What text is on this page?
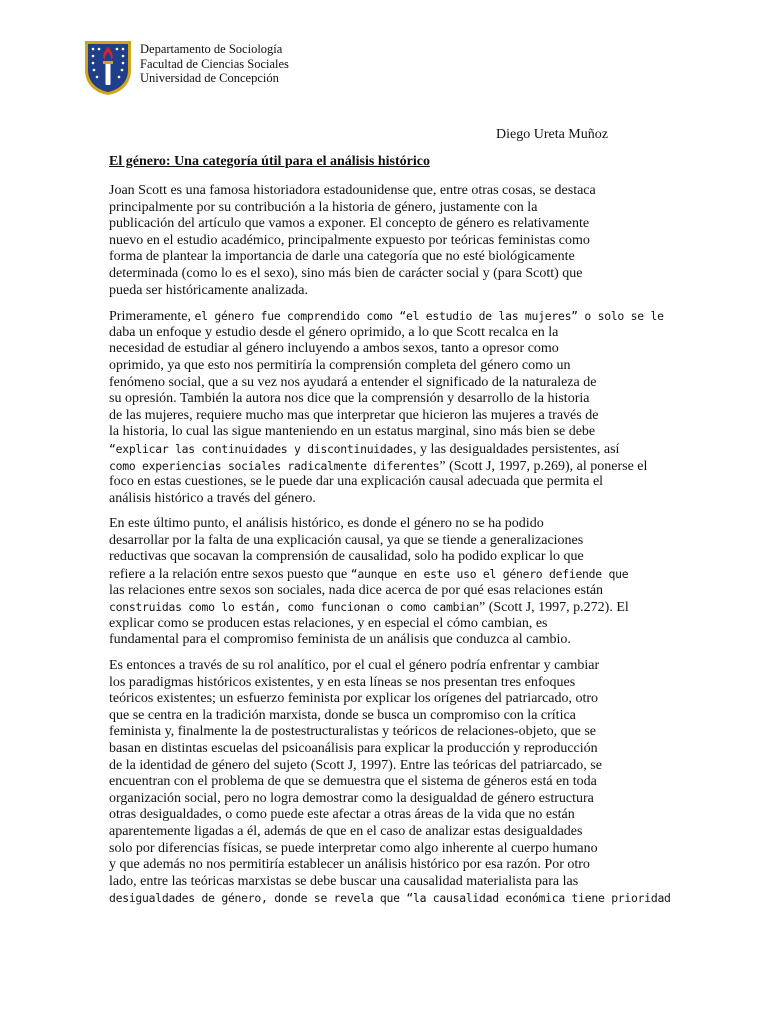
Departamento de Sociología
Facultad de Ciencias Sociales
Universidad de Concepción
Diego Ureta Muñoz
El género: Una categoría útil para el análisis histórico
Joan Scott es una famosa historiadora estadounidense que, entre otras cosas, se destaca
principalmente por su contribución a la historia de género, justamente con la
publicación del artículo que vamos a exponer. El concepto de género es relativamente
nuevo en el estudio académico, principalmente expuesto por teóricas feministas como
forma de plantear la importancia de darle una categoría que no esté biológicamente
determinada (como lo es el sexo), sino más bien de carácter social y (para Scott) que
pueda ser históricamente analizada.
Primeramente, el género fue comprendido como “el estudio de las mujeres” o solo se le
daba un enfoque y estudio desde el género oprimido, a lo que Scott recalca en la
necesidad de estudiar al género incluyendo a ambos sexos, tanto a opresor como
oprimido, ya que esto nos permitiría la comprensión completa del género como un
fenómeno social, que a su vez nos ayudará a entender el significado de la naturaleza de
su opresión. También la autora nos dice que la comprensión y desarrollo de la historia
de las mujeres, requiere mucho mas que interpretar que hicieron las mujeres a través de
la historia, lo cual las sigue manteniendo en un estatus marginal, sino más bien se debe
“explicar las continuidades y discontinuidades, y las desigualdades persistentes, así
como experiencias sociales radicalmente diferentes” (Scott J, 1997, p.269), al ponerse el
foco en estas cuestiones, se le puede dar una explicación causal adecuada que permita el
análisis histórico a través del género.
En este último punto, el análisis histórico, es donde el género no se ha podido
desarrollar por la falta de una explicación causal, ya que se tiende a generalizaciones
reductivas que socavan la comprensión de causalidad, solo ha podido explicar lo que
refiere a la relación entre sexos puesto que “aunque en este uso el género defiende que
las relaciones entre sexos son sociales, nada dice acerca de por qué esas relaciones están
construidas como lo están, como funcionan o como cambian” (Scott J, 1997, p.272). El
explicar como se producen estas relaciones, y en especial el cómo cambian, es
fundamental para el compromiso feminista de un análisis que conduzca al cambio.
Es entonces a través de su rol analítico, por el cual el género podría enfrentar y cambiar
los paradigmas históricos existentes, y en esta líneas se nos presentan tres enfoques
teóricos existentes; un esfuerzo feminista por explicar los orígenes del patriarcado, otro
que se centra en la tradición marxista, donde se busca un compromiso con la crítica
feminista y, finalmente la de postestructuralistas y teóricos de relaciones-objeto, que se
basan en distintas escuelas del psicoanálisis para explicar la producción y reproducción
de la identidad de género del sujeto (Scott J, 1997). Entre las teóricas del patriarcado, se
encuentran con el problema de que se demuestra que el sistema de géneros está en toda
organización social, pero no logra demostrar como la desigualdad de género estructura
otras desigualdades, o como puede este afectar a otras áreas de la vida que no están
aparentemente ligadas a él, además de que en el caso de analizar estas desigualdades
solo por diferencias físicas, se puede interpretar como algo inherente al cuerpo humano
y que además no nos permitiría establecer un análisis histórico por esa razón. Por otro
lado, entre las teóricas marxistas se debe buscar una causalidad materialista para las
desigualdades de género, donde se revela que “la causalidad económica tiene prioridad
